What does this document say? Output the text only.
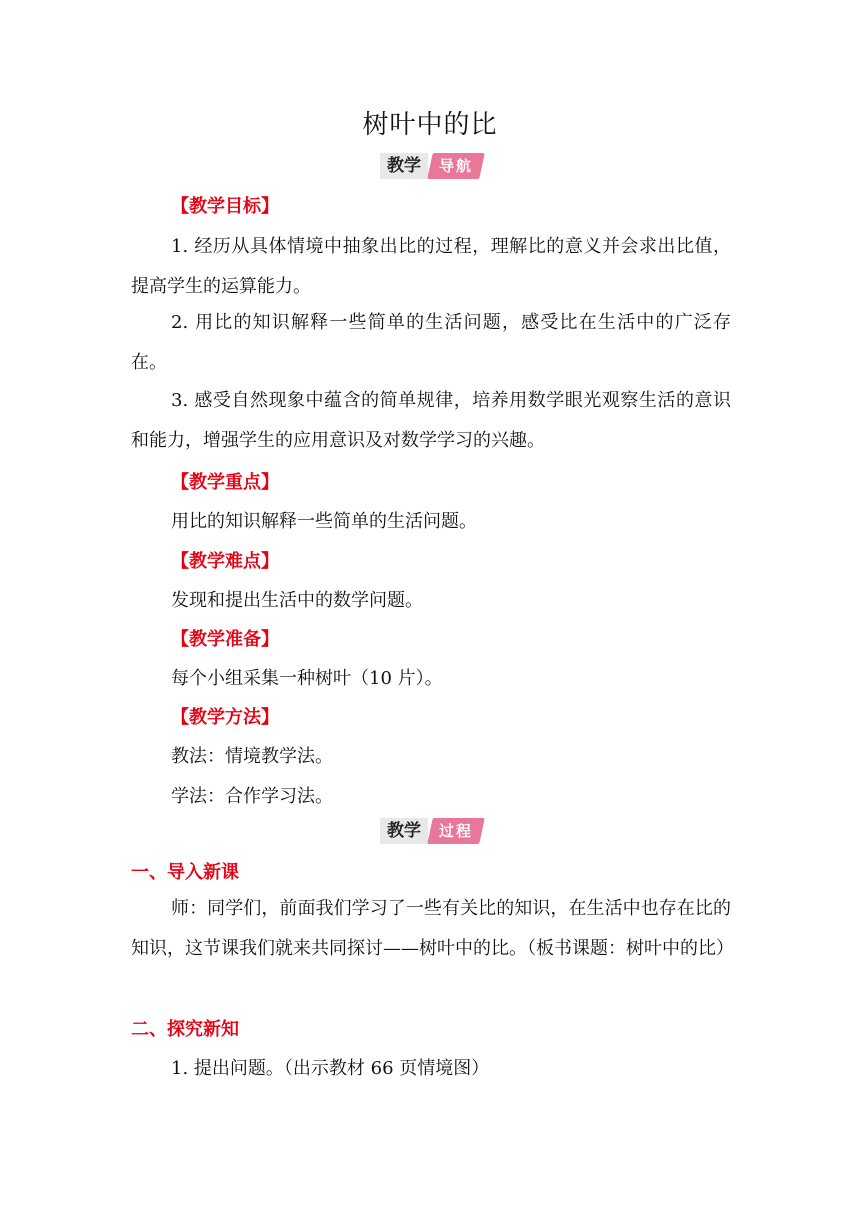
树叶中的比
教学	导航
【教学目标】
1. 经历从具体情境中抽象出比的过程，理解比的意义并会求出比值，提高学生的运算能力。
2. 用比的知识解释一些简单的生活问题，感受比在生活中的广泛存在。
3. 感受自然现象中蕴含的简单规律，培养用数学眼光观察生活的意识和能力，增强学生的应用意识及对数学学习的兴趣。
【教学重点】
用比的知识解释一些简单的生活问题。
【教学难点】
发现和提出生活中的数学问题。
【教学准备】
每个小组采集一种树叶（10 片）。
【教学方法】
教法：情境教学法。
学法：合作学习法。
教学	过程
一、导入新课
师：同学们，前面我们学习了一些有关比的知识，在生活中也存在比的知识，这节课我们就来共同探讨——树叶中的比。（板书课题：树叶中的比）
二、探究新知
1. 提出问题。（出示教材 66 页情境图）
